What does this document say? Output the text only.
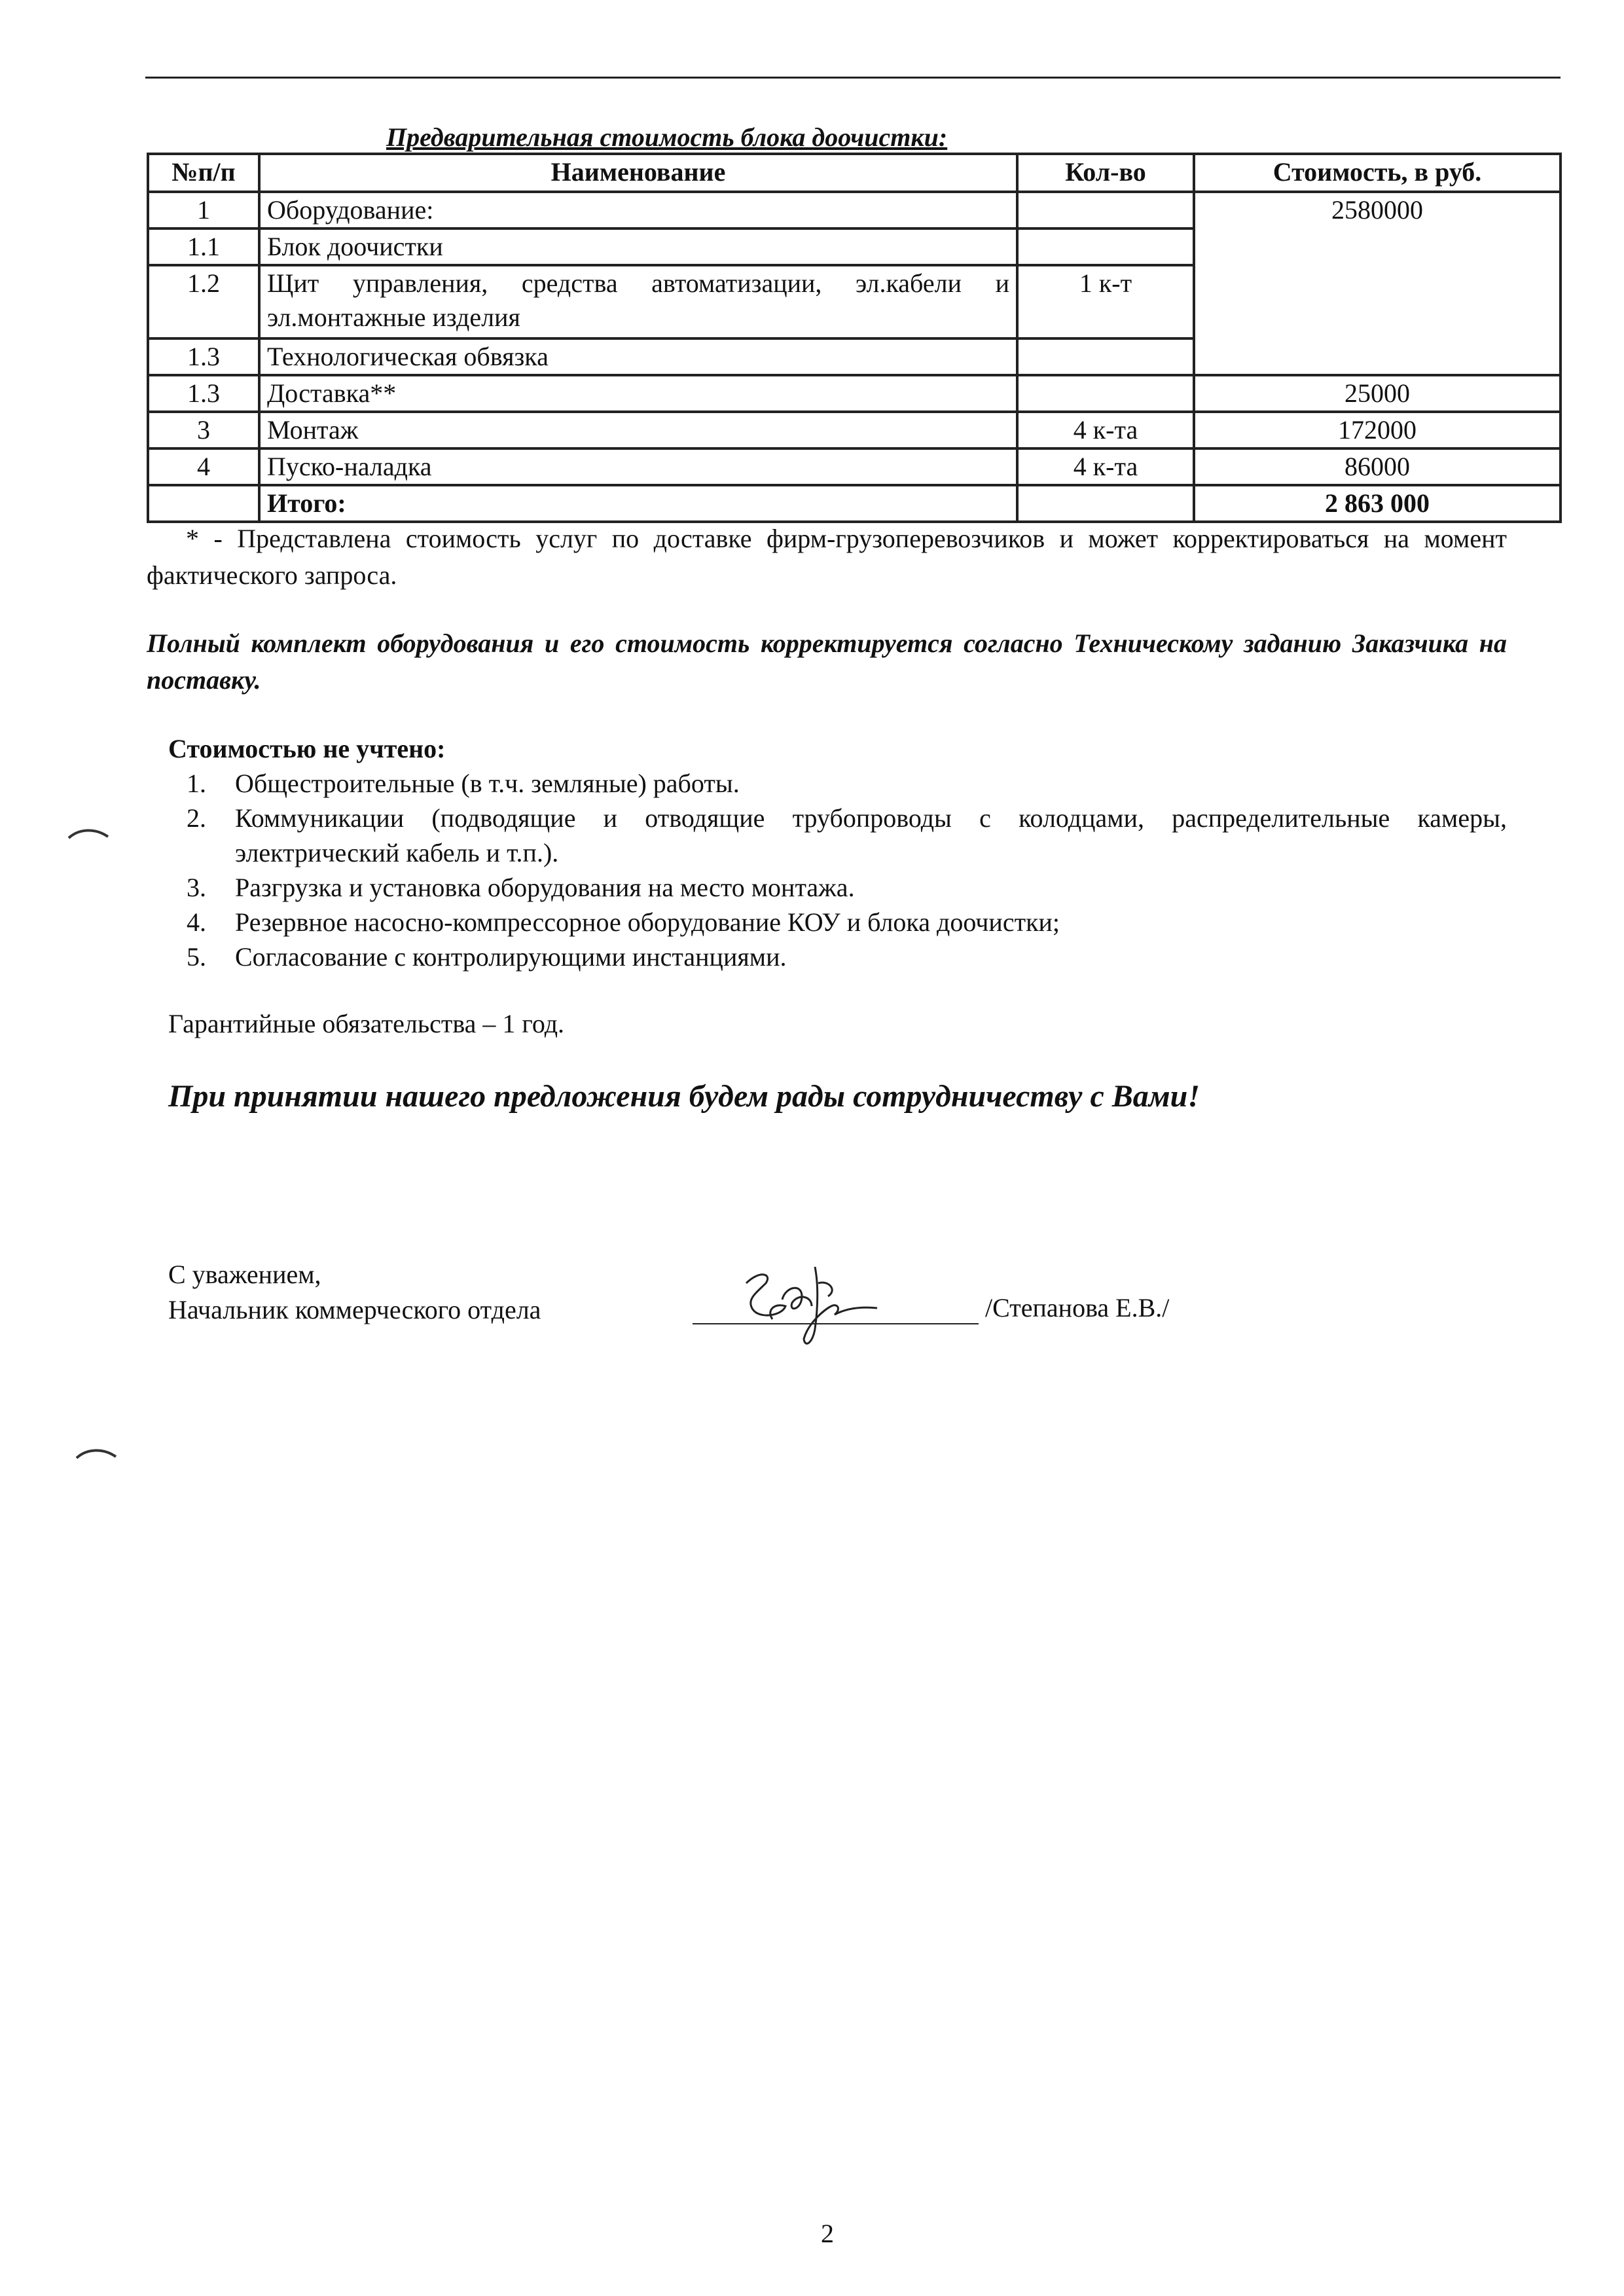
Предварительная стоимость блока доочистки:
№п/п	Наименование	Кол-во	Стоимость, в руб.
1	Оборудование:		2580000
1.1	Блок доочистки		
1.2	Щит управления, средства автоматизации, эл.кабели и эл.монтажные изделия	1 к-т	
1.3	Технологическая обвязка		
1.3	Доставка**		25000
3	Монтаж	4 к-та	172000
4	Пуско-наладка	4 к-та	86000
	Итого:		2 863 000
* - Представлена стоимость услуг по доставке фирм-грузоперевозчиков и может корректироваться на момент фактического запроса.
Полный комплект оборудования и его стоимость корректируется согласно Техническому заданию Заказчика на поставку.
Стоимостью не учтено:
1. Общестроительные (в т.ч. земляные) работы.
2. Коммуникации (подводящие и отводящие трубопроводы с колодцами, распределительные камеры, электрический кабель и т.п.).
3. Разгрузка и установка оборудования на место монтажа.
4. Резервное насосно-компрессорное оборудование КОУ и блока доочистки;
5. Согласование с контролирующими инстанциями.
Гарантийные обязательства – 1 год.
При принятии нашего предложения будем рады сотрудничеству с Вами!
С уважением,
Начальник коммерческого отдела	/Степанова Е.В./
2
